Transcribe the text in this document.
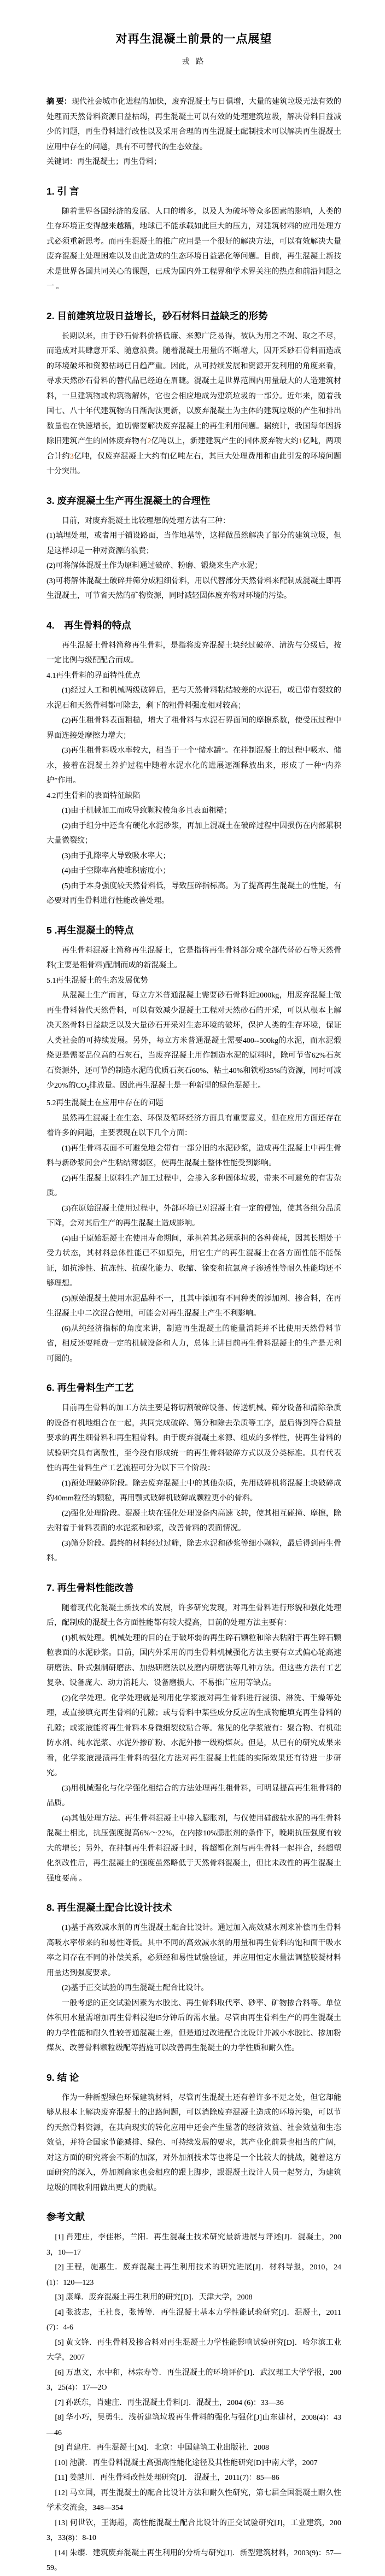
对再生混凝土前景的一点展望

戎 路

摘 要：现代社会城市化进程的加快，废弃混凝土与日俱增，大量的建筑垃圾无法有效的处理而天然骨料资源日益枯竭，再生混凝土可以有效的处理建筑垃圾，解决骨料日益减少的问题，再生骨料进行改性以及采用合理的再生混凝土配制技术可以解决再生混凝土应用中存在的问题，具有不可替代的生态效益。

关键词：再生混凝土；再生骨料；

1. 引 言

随着世界各国经济的发展、人口的增多，以及人为破坏等众多因素的影响，人类的生存环境正变得越来越糟，地球已不能承载如此巨大的压力，对建筑材料的应用处理方式必须重新思考。而再生混凝土的推广应用是一个很好的解决方法，可以有效解决大量废弃混凝土处理困难以及由此造成的生态环境日益恶化等问题。目前，再生混凝土新技术是世界各国共同关心的课题，已成为国内外工程界和学术界关注的热点和前沿问题之一 。

2. 目前建筑垃圾日益增长，砂石材料日益缺乏的形势

长期以来，由于砂石骨料价格低廉、来源广泛易得，被认为用之不竭、取之不尽，而造成对其肆意开采、随意浪费。随着混凝土用量的不断增大，因开采砂石骨料而造成的环境破坏和资源枯竭已日趋严重。因此，从可持续发展和资源开发利用的角度来看，寻求天然砂石骨料的替代品已经迫在眉睫。混凝土是世界范围内用量最大的人造建筑材料，一旦建筑物或构筑物解体，它也会相应地成为建筑垃圾的一部分。近年来，随着我国七、八十年代建筑物的日渐淘汰更新，以废弃混凝土为主体的建筑垃圾的产生和排出数量也在快速增长，迫切需要解决废弃混凝土的再生利用问题。据统计，我国每年因拆除旧建筑产生的固体废弃物有2亿吨以上，新建建筑产生的固体废弃物大约1亿吨，两项合计约3亿吨，仅废弃混凝土大约有l亿吨左右，其巨大处理费用和由此引发的环境问题十分突出。

3. 废弃混凝土生产再生混凝土的合理性

目前，对废弃混凝土比较理想的处理方法有三种：

(1)填埋处理，或者用于铺设路面，当作地基等，这样做虽然解决了部分的建筑垃圾，但是这样却是一种对资源的浪费；

(2)可将解体混凝土作为原料通过破碎、粉磨、锻烧来生产水泥；

(3)可将解体混凝土破碎并筛分成粗细骨料，用以代替部分天然骨料来配制成混凝土即再生混凝土，可节省天然的矿物资源，同时减轻固体废弃物对环境的污染。

4.　再生骨料的特点

再生混凝土骨料简称再生骨料，是指将废弃混凝土块经过破碎、清洗与分级后，按一定比例与级配配合而成。

4.1再生骨料的界面特性优点

(1)经过人工和机械两级破碎后，把与天然骨料粘结较差的水泥石，或已带有裂纹的水泥石和天然骨料都可除去，剩下的粗骨料强度相对较高；

(2)再生粗骨料表面粗糙，增大了粗骨料与水泥石界面间的摩擦系数，使受压过程中界面连接处摩擦力增大；

(3)再生粗骨料吸水率较大，相当于一个“储水罐”。在拌制混凝土的过程中吸水、储水，接着在混凝土养护过程中随着水泥水化的进展逐渐释放出来，形成了一种“内养护”作用。

4.2再生骨料的表面特征缺陷

(1)由于机械加工而成导致颗粒棱角多且表面粗糙；

(2)由于组分中还含有硬化水泥砂浆，再加上混凝土在破碎过程中因损伤在内部累积大量微裂纹；

(3)由于孔隙率大导致吸水率大；

(4)由于空隙率高使堆积密度小；

(5)由于本身强度较天然骨料低，导致压碎指标高。为了提高再生混凝土的性能，有必要对再生骨料进行性能改善处理。

5 .再生混凝土的特点

再生骨料混凝土简称再生混凝土，它是指将再生骨料部分或全部代替砂石等天然骨料(主要是粗骨料)配制而成的新混凝土。

5.1再生混凝土的生态发展优势

从混凝土生产而言，每立方米普通混凝土需要砂石骨料近2000kg，用废弃混凝土做再生骨料替代天然骨料，可以有效减少混凝土工程对天然砂石的开采，可以从根本上解决天然骨料日益缺乏以及大量砂石开采对生态环境的破坏，保护人类的生存环境，保证人类社会的可持续发展。另外，每立方米普通混凝土需要400--500kg的水泥，而水泥煅烧更是需要品位高的石灰石，当废弃混凝土用作制造水泥的原料时，除可节省62%石灰石资源外，还可节约制造水泥的优质石灰石60%、粘土40%和铁粉35%的资源，同时可减少20%的$CO_2$排放量。因此再生混凝土是一种新型的绿色混凝土。

5.2再生混凝土在应用中存在的问题

虽然再生混凝土在生态、环保及循环经济方面具有重要意义，但在应用方面还存在着许多的问题，主要表现在以下几个方面：

(1)再生骨料表面不可避免地会带有一部分旧的水泥砂浆，造成再生混凝土中再生骨料与新砂浆间会产生粘结薄弱区，使再生混凝土整体性能受到影响。

(2)再生混凝土原料生产加工过程中，会掺入多种固体垃圾，带来不可避免的有害杂质。

(3)在原始混凝土使用过程中，外部环境已对混凝土有一定的侵蚀，使其各组分品质下降，会对其后生产的再生混凝土造成影响。

(4)由于原始混凝土在使用寿命期间，承担着其必须承担的各种荷载，因其长期处于受力状态，其材料总体性能已不如原先，用它生产的再生混凝土在各方面性能不能保证，如抗渗性、抗冻性、抗碳化能力、收缩、徐变和抗氯离子渗透性等耐久性能均还不够理想。

(5)原始混凝土使用水泥品种不一，且其中添加有不同种类的添加剂、掺合料，在再生混凝土中二次混合使用，可能会对再生混凝土产生不利影响。

(6)从纯经济指标的角度来讲，制造再生混凝土的能量消耗并不比使用天然骨料节省，相反还要耗费一定的机械设备和人力，总体上讲目前再生骨料混凝土的生产是无利可图的。

6. 再生骨料生产工艺

目前再生骨料的加工方法主要是将切割破碎设备、传送机械、筛分设备和清除杂质的设备有机地组合在一起，共同完成破碎、筛分和除去杂质等工序，最后得到符合质量要求的再生细骨料和再生粗骨料。由于废弃混凝土来源、组成的多样性，使再生骨料的试验研究具有离散性，至今没有形成统一的再生骨料破碎方式以及分类标准。具有代表性的再生骨料生产工艺流程可分为以下三个阶段：

(1)预处理破碎阶段。除去废弃混凝土中的其他杂质，先用破碎机将混凝土块破碎成约40mm粒径的颗粒，再用颚式破碎机破碎成颗粒更小的骨料。

(2)强化处理阶段。混凝土块在强化处理设备内高速飞转，使其相互碰撞、摩擦，除去附着于骨料表面的水泥浆和砂浆，改善骨料的表面情况。

(3)筛分阶段。最终的材料经过过筛，除去水泥和砂浆等细小颗粒，最后得到再生骨料。

7. 再生骨料性能改善

随着现代化混凝土新技术的发展，许多研究发现，对再生骨料进行形貌和强化处理后，配制成的混凝土各方面性能都有较大提高，目前的处理方法主要有：

(1)机械处理。机械处理的目的在于破坏弱的再生碎石颗粒和除去粘附于再生碎石颗粒表面的水泥砂浆。目前，国内外采用的再生骨料机械强化方法主要有立式偏心轮高速研磨法、卧式强制研磨法、加热研磨法以及磨内研磨法等几种方法。但这些方法有工艺复杂、设备庞大、动力消耗大、设备磨损大、不易推广应用等缺点。

(2)化学处理。化学处理就是利用化学浆液对再生骨料进行浸渍、淋洗、干燥等处理，或直接填充再生骨料的孔隙；或与骨料中某些成分反应的生成物能填充再生骨料的孔隙；或浆液能将再生骨料本身微细裂纹粘合等。常见的化学浆液有：聚合物、有机硅防水剂、纯水泥浆、水泥外掺矿粉、水泥外掺一级粉煤灰。但是，从已有的研究成果来看，化学浆液浸渍再生骨料的强化方法对再生混凝土性能的实际效果还有待进一步研究。

(3)用机械强化与化学强化相结合的方法处理再生粗骨料，可明显提高再生粗骨料的品质。

(4)其他处理方法。再生骨料混凝土中掺入膨胀剂，与仅使用硅酸盐水泥的再生骨料混凝土相比，抗压强度提高6%～22%，在内掺10%膨胀剂的条件下，晚期抗压强度有较大的增长；另外，在拌制再生骨料混凝土时，将超塑化剂与再生骨料一起拌合，经超塑化剂改性后，再生混凝土的强度虽然略低于天然骨料混凝土，但比未改性的再生混凝土强度要高 。

8. 再生混凝土配合比设计技术

(1)基于高效减水剂的再生混凝土配合比设计。通过加入高效减水剂来补偿再生骨料高吸水率带来的和易性降低。其中不同的高效减水剂的用量和再生骨料的饱和面干吸水率之间存在不同的补偿关系，必须经和易性试验验证，并应用恒定水量法调整胶凝材料用量达到强度要求。

(2)基于正交试验的再生混凝土配合比设计。

一般考虑的正交试验因素为水胶比、再生骨料取代率、砂率、矿物掺合料等。单位体积用水量需增加再生骨料浸泡l5分钟后的需水量。尽管由再生骨料生产的再生混凝土的力学性能和耐久性较普通混凝土差，但是通过改进配合比设计并减小水胶比、掺加粉煤灰、改善骨料颗粒级配等措施可以改善再生混凝土的力学性质和耐久性。

9. 结 论

作为一种新型绿色环保建筑材料，尽管再生混凝土还有着许多不足之处，但它却能够从根本上解决废弃混凝土的出路问题，可以消除废弃混凝土造成的环境污染，可以节约天然骨料资源，在其向现实的转化应用中还会产生显著的经济效益、社会效益和生态效益，并符合国家节能减排、绿色、可持续发展的要求，其产业化前景也相当的广阔，对这方面的研究将会不断的加深，对外加剂技术等也将是一个比较大的挑战，随着这方面研究的深入，外加剂商家也会相应的跟上脚步，跟混凝土设计人员一起努力，为建筑垃圾的回收利用做出更大的贡献。

参考文献

[1] 肖建庄，李佳彬，兰阳．再生混凝土技术研究最新进展与评述[J]．混凝土，2003，10—17

[2] 王程，施惠生．废弃混凝土再生利用技术的研究进展[J]．材料导报，2010，24(1)：120—123

[3] 康峰．废弃混凝土再生利用的研究[D]．天津大学，2008

[4] 张波志，王社良，张博等．再生混凝土基本力学性能试验研究[J]．混凝土，2011(7)：4-6

[5] 黄文锋．再生骨料及掺合料对再生混凝土力学性能影响试验研究[D]．哈尔滨工业大学，2007

[6] 万惠文，水中和，林宗寿等．再生混凝土的环境评价[J]．武汉理工大学学报，2003，25(4)：17—2O

[7] 孙跃东，肖建庄．再生混凝土骨料[J]．混凝土，2004 (6)：33—36

[8] 华小巧，吴勇生．浅析建筑垃圾再生骨料的强化与强化[J]山东建材，2008(4)：43—46

[9] 肖建庄．再生混凝土[M]．北京：中国建筑工业出版社．2008

[10] 池漪．再生骨料混凝土高强高性能化途径及其性能研究[D]中南大学，2007

[11] 姜越川．再生骨料改性处理研究[J]． 混凝土，2011(7)：85—86

[12] 马立国，再生混凝土的配合比设计方法和耐久性研究，第七届全国混凝土耐久性学术交流会，348—354

[13] 何世钦，王海超，高性能混凝土配合比设计的正交试验研究[J]，工业建筑，2003，33(8)：8-10

[14] 朱缨．建筑废弃混凝土再生利用的分析与研究[J]．新型建筑材料，2003(9)：57—59。
